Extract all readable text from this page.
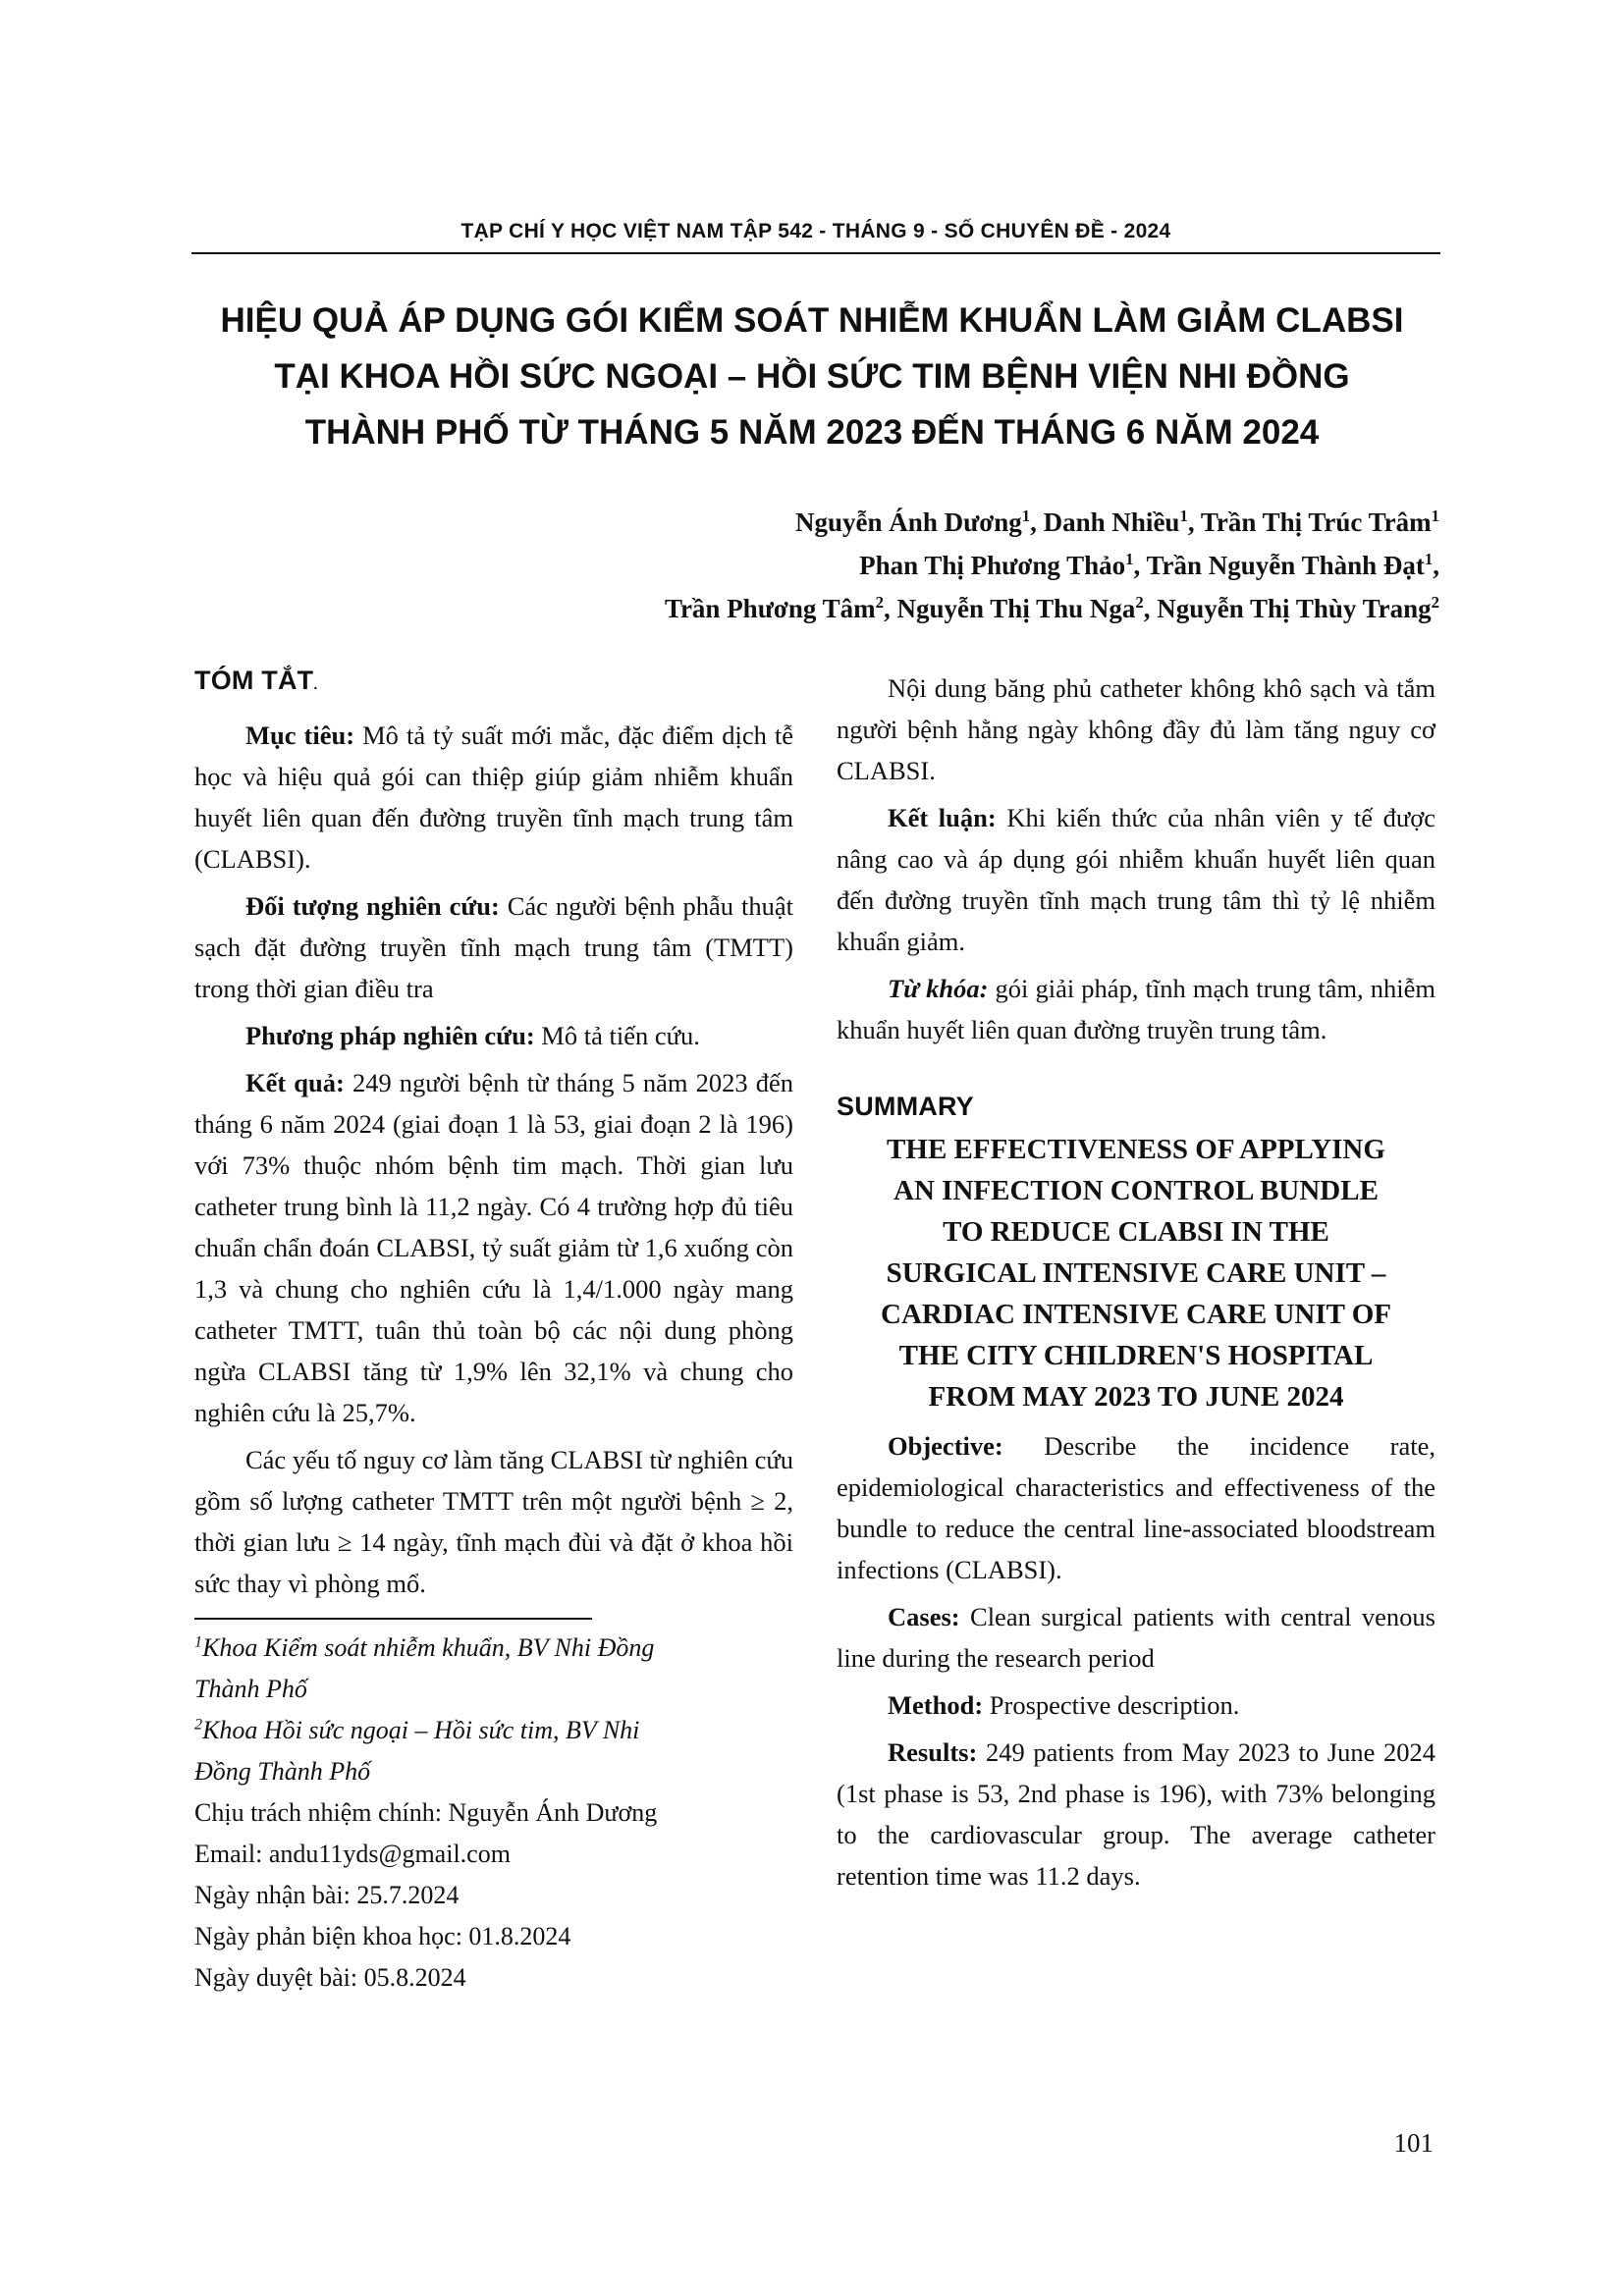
TẠP CHÍ Y HỌC VIỆT NAM TẬP 542 - THÁNG 9 - SỐ CHUYÊN ĐỀ - 2024
HIỆU QUẢ ÁP DỤNG GÓI KIỂM SOÁT NHIỄM KHUẨN LÀM GIẢM CLABSI
TẠI KHOA HỒI SỨC NGOẠI – HỒI SỨC TIM BỆNH VIỆN NHI ĐỒNG
THÀNH PHỐ TỪ THÁNG 5 NĂM 2023 ĐẾN THÁNG 6 NĂM 2024
Nguyễn Ánh Dương$^1$, Danh Nhiều$^1$, Trần Thị Trúc Trâm$^1$
Phan Thị Phương Thảo$^1$, Trần Nguyễn Thành Đạt$^1$,
Trần Phương Tâm$^2$, Nguyễn Thị Thu Nga$^2$, Nguyễn Thị Thùy Trang$^2$
TÓM TẮT.

Mục tiêu: Mô tả tỷ suất mới mắc, đặc điểm dịch tễ học và hiệu quả gói can thiệp giúp giảm nhiễm khuẩn huyết liên quan đến đường truyền tĩnh mạch trung tâm (CLABSI).

Đối tượng nghiên cứu: Các người bệnh phẫu thuật sạch đặt đường truyền tĩnh mạch trung tâm (TMTT) trong thời gian điều tra

Phương pháp nghiên cứu: Mô tả tiến cứu.

Kết quả: 249 người bệnh từ tháng 5 năm 2023 đến tháng 6 năm 2024 (giai đoạn 1 là 53, giai đoạn 2 là 196) với 73% thuộc nhóm bệnh tim mạch. Thời gian lưu catheter trung bình là 11,2 ngày. Có 4 trường hợp đủ tiêu chuẩn chẩn đoán CLABSI, tỷ suất giảm từ 1,6 xuống còn 1,3 và chung cho nghiên cứu là 1,4/1.000 ngày mang catheter TMTT, tuân thủ toàn bộ các nội dung phòng ngừa CLABSI tăng từ 1,9% lên 32,1% và chung cho nghiên cứu là 25,7%.

Các yếu tố nguy cơ làm tăng CLABSI từ nghiên cứu gồm số lượng catheter TMTT trên một người bệnh ≥ 2, thời gian lưu ≥ 14 ngày, tĩnh mạch đùi và đặt ở khoa hồi sức thay vì phòng mổ.

$^1$Khoa Kiểm soát nhiễm khuẩn, BV Nhi Đồng
Thành Phố
$^2$Khoa Hồi sức ngoại – Hồi sức tim, BV Nhi
Đồng Thành Phố
Chịu trách nhiệm chính: Nguyễn Ánh Dương
Email: andu11yds@gmail.com
Ngày nhận bài: 25.7.2024
Ngày phản biện khoa học: 01.8.2024
Ngày duyệt bài: 05.8.2024

Nội dung băng phủ catheter không khô sạch và tắm người bệnh hằng ngày không đầy đủ làm tăng nguy cơ CLABSI.

Kết luận: Khi kiến thức của nhân viên y tế được nâng cao và áp dụng gói nhiễm khuẩn huyết liên quan đến đường truyền tĩnh mạch trung tâm thì tỷ lệ nhiễm khuẩn giảm.

Từ khóa: gói giải pháp, tĩnh mạch trung tâm, nhiễm khuẩn huyết liên quan đường truyền trung tâm.

SUMMARY
THE EFFECTIVENESS OF APPLYING
AN INFECTION CONTROL BUNDLE
TO REDUCE CLABSI IN THE
SURGICAL INTENSIVE CARE UNIT –
CARDIAC INTENSIVE CARE UNIT OF
THE CITY CHILDREN'S HOSPITAL
FROM MAY 2023 TO JUNE 2024

Objective: Describe the incidence rate, epidemiological characteristics and effectiveness of the bundle to reduce the central line-associated bloodstream infections (CLABSI).

Cases: Clean surgical patients with central venous line during the research period

Method: Prospective description.

Results: 249 patients from May 2023 to June 2024 (1st phase is 53, 2nd phase is 196), with 73% belonging to the cardiovascular group. The average catheter retention time was 11.2 days.

101
